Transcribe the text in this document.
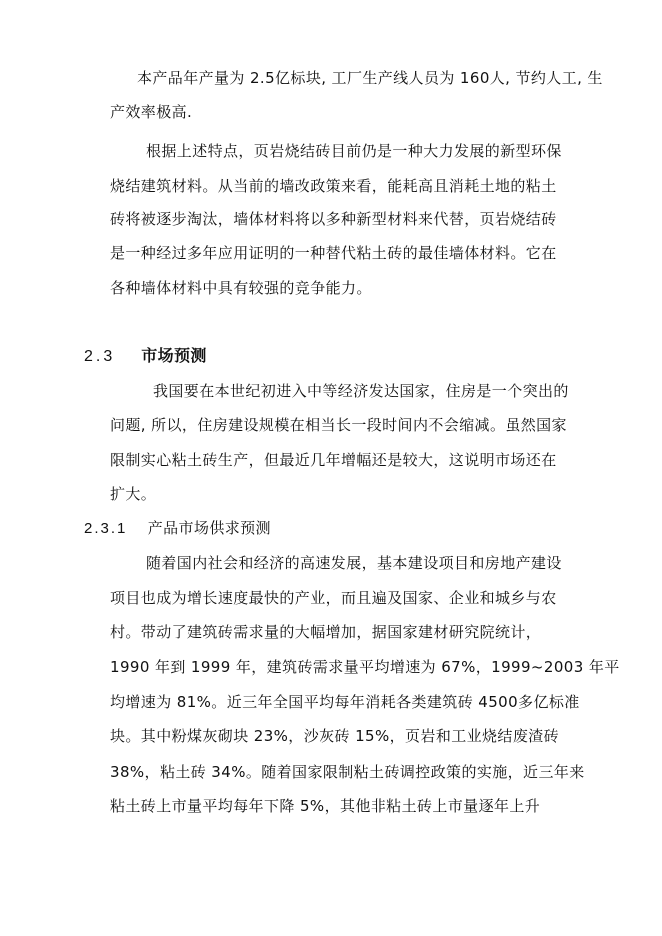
本产品年产量为 2.5亿标块, 工厂生产线人员为 160人, 节约人工, 生
产效率极高.
根据上述特点，页岩烧结砖目前仍是一种大力发展的新型环保
烧结建筑材料。从当前的墙改政策来看，能耗高且消耗土地的粘土
砖将被逐步淘汰，墙体材料将以多种新型材料来代替，页岩烧结砖
是一种经过多年应用证明的一种替代粘土砖的最佳墙体材料。它在
各种墙体材料中具有较强的竞争能力。
2.3 市场预测
我国要在本世纪初进入中等经济发达国家，住房是一个突出的
问题, 所以，住房建设规模在相当长一段时间内不会缩减。虽然国家
限制实心粘土砖生产，但最近几年增幅还是较大，这说明市场还在
扩大。
2.3.1 产品市场供求预测
随着国内社会和经济的高速发展，基本建设项目和房地产建设
项目也成为增长速度最快的产业，而且遍及国家、企业和城乡与农
村。带动了建筑砖需求量的大幅增加，据国家建材研究院统计，
1990 年到 1999 年，建筑砖需求量平均增速为 67%，1999~2003 年平
均增速为 81%。近三年全国平均每年消耗各类建筑砖 4500多亿标准
块。其中粉煤灰砌块 23%，沙灰砖 15%，页岩和工业烧结废渣砖
38%，粘土砖 34%。随着国家限制粘土砖调控政策的实施，近三年来
粘土砖上市量平均每年下降 5%，其他非粘土砖上市量逐年上升
